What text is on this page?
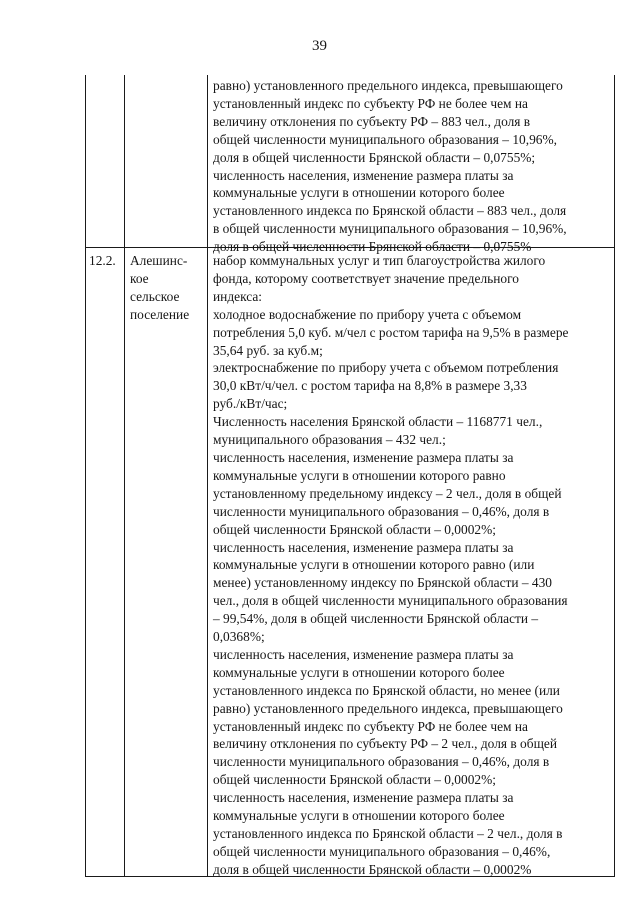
39
равно) установленного предельного индекса, превышающего
установленный индекс по субъекту РФ не более чем на
величину отклонения по субъекту РФ – 883 чел., доля в
общей численности муниципального образования – 10,96%,
доля в общей численности Брянской области – 0,0755%;
численность населения, изменение размера платы за
коммунальные услуги в отношении которого более
установленного индекса по Брянской области – 883 чел., доля
в общей численности муниципального образования – 10,96%,
доля в общей численности Брянской области – 0,0755%
12.2. Алешинс-
кое
сельское
поселение
набор коммунальных услуг и тип благоустройства жилого
фонда, которому соответствует значение предельного
индекса:
холодное водоснабжение по прибору учета с объемом
потребления 5,0 куб. м/чел с ростом тарифа на 9,5% в размере
35,64 руб. за куб.м;
электроснабжение по прибору учета с объемом потребления
30,0 кВт/ч/чел. с ростом тарифа на 8,8% в размере 3,33
руб./кВт/час;
Численность населения Брянской области – 1168771 чел.,
муниципального образования – 432 чел.;
численность населения, изменение размера платы за
коммунальные услуги в отношении которого равно
установленному предельному индексу – 2 чел., доля в общей
численности муниципального образования – 0,46%, доля в
общей численности Брянской области – 0,0002%;
численность населения, изменение размера платы за
коммунальные услуги в отношении которого равно (или
менее) установленному индексу по Брянской области – 430
чел., доля в общей численности муниципального образования
– 99,54%, доля в общей численности Брянской области –
0,0368%;
численность населения, изменение размера платы за
коммунальные услуги в отношении которого более
установленного индекса по Брянской области, но менее (или
равно) установленного предельного индекса, превышающего
установленный индекс по субъекту РФ не более чем на
величину отклонения по субъекту РФ – 2 чел., доля в общей
численности муниципального образования – 0,46%, доля в
общей численности Брянской области – 0,0002%;
численность населения, изменение размера платы за
коммунальные услуги в отношении которого более
установленного индекса по Брянской области – 2 чел., доля в
общей численности муниципального образования – 0,46%,
доля в общей численности Брянской области – 0,0002%
